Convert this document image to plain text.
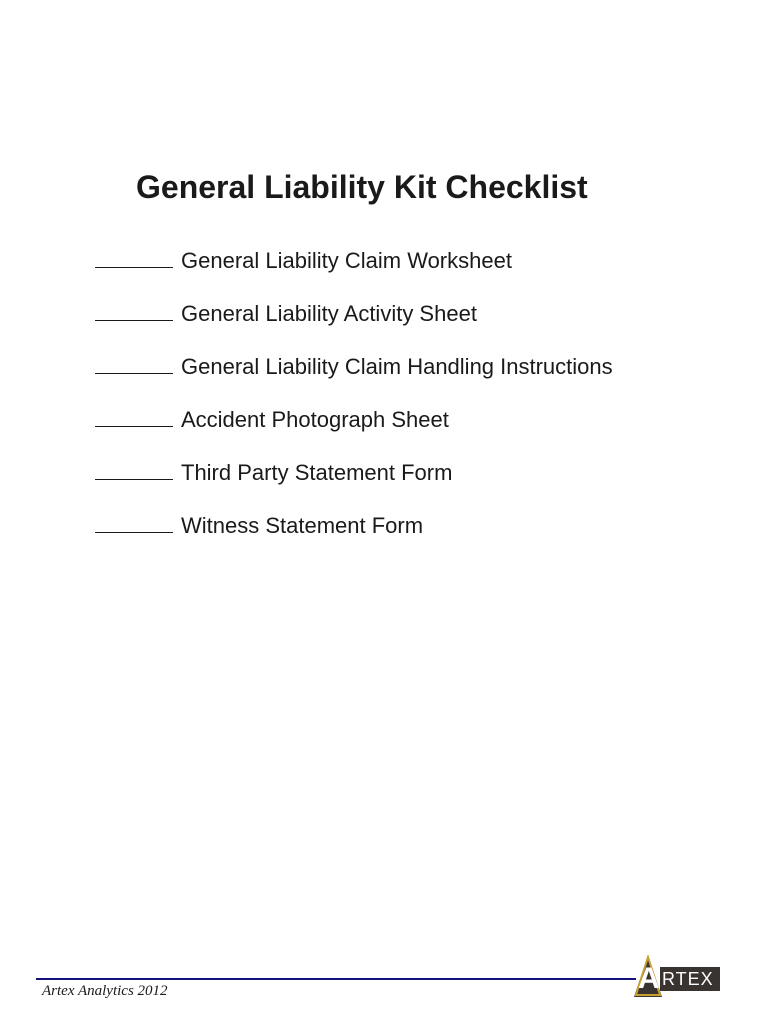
General Liability Kit Checklist
General Liability Claim Worksheet
General Liability Activity Sheet
General Liability Claim Handling Instructions
Accident Photograph Sheet
Third Party Statement Form
Witness Statement Form
Artex Analytics 2012	A RTEX
